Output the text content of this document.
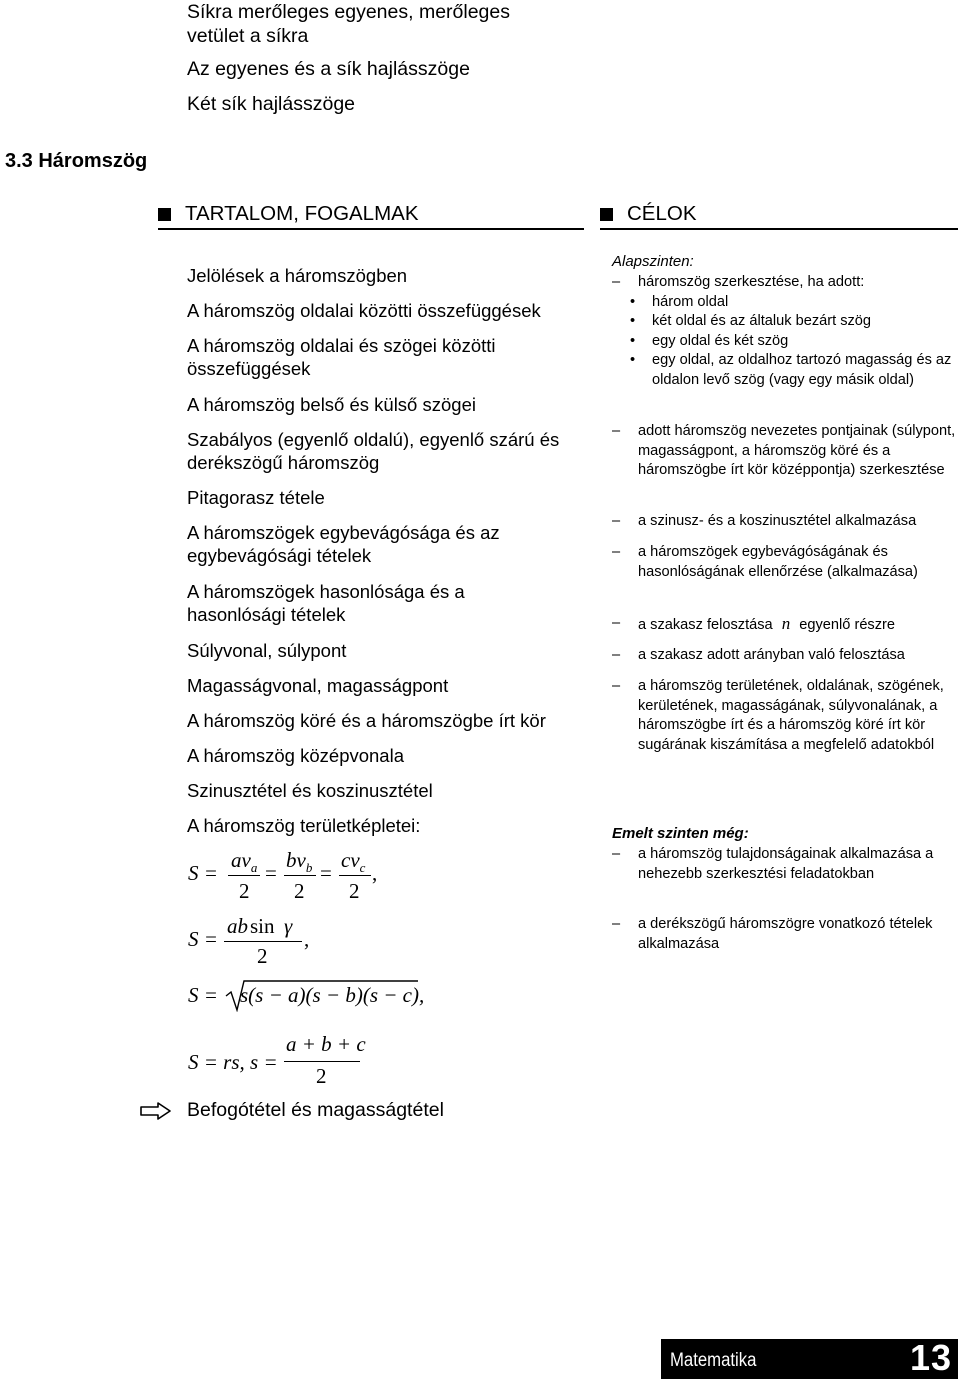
Síkra merőleges egyenes, merőleges vetület a síkra
Az egyenes és a sík hajlásszöge
Két sík hajlásszöge
3.3 Háromszög
TARTALOM, FOGALMAK	CÉLOK
Jelölések a háromszögben
A háromszög oldalai közötti összefüggések
A háromszög oldalai és szögei közötti összefüggések
A háromszög belső és külső szögei
Szabályos (egyenlő oldalú), egyenlő szárú és derékszögű háromszög
Pitagorasz tétele
A háromszögek egybevágósága és az egybevágósági tételek
A háromszögek hasonlósága és a hasonlósági tételek
Súlyvonal, súlypont
Magasságvonal, magasságpont
A háromszög köré és a háromszögbe írt kör
A háromszög középvonala
Szinusztétel és koszinusztétel
A háromszög területképletei:
S =
$av_a$
2
=
$bv_b$
2
=
$cv_c$
2
,
S =
ab sin γ
2
,
S = s(s − a)(s − b)(s − c),
S = rs, s =
a + b + c
2
Befogótétel és magasságtétel
Alapszinten:
– háromszög szerkesztése, ha adott:
• három oldal
• két oldal és az általuk bezárt szög
• egy oldal és két szög
• egy oldal, az oldalhoz tartozó magasság és az oldalon levő szög (vagy egy másik oldal)
– adott háromszög nevezetes pontjainak (súlypont, magasságpont, a háromszög köré és a háromszögbe írt kör középpontja) szerkesztése
– a szinusz- és a koszinusztétel alkalmazása
– a háromszögek egybevágóságának és hasonlóságának ellenőrzése (alkalmazása)
– a szakasz felosztása n egyenlő részre
– a szakasz adott arányban való felosztása
– a háromszög területének, oldalának, szögének, kerületének, magasságának, súlyvonalának, a háromszögbe írt és a háromszög köré írt kör sugárának kiszámítása a megfelelő adatokból
Emelt szinten még:
– a háromszög tulajdonságainak alkalmazása a nehezebb szerkesztési feladatokban
– a derékszögű háromszögre vonatkozó tételek alkalmazása
Matematika	13
